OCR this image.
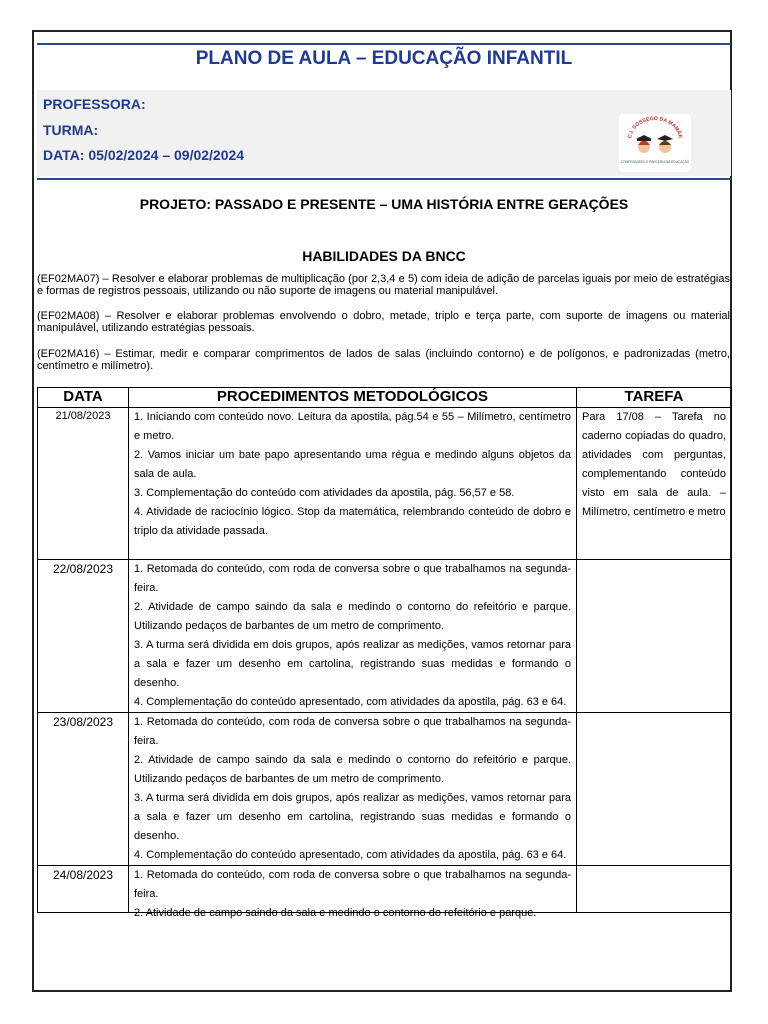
PLANO DE AULA – EDUCAÇÃO INFANTIL
PROFESSORA:
TURMA:
DATA: 05/02/2024 – 09/02/2024
C.I. SOSSEGO DA MAMÃE
COMPROMISSO E PARCERIA NA EDUCAÇÃO
PROJETO: PASSADO E PRESENTE – UMA HISTÓRIA ENTRE GERAÇÕES
HABILIDADES DA BNCC
(EF02MA07) – Resolver e elaborar problemas de multiplicação (por 2,3,4 e 5) com ideia de adição de parcelas iguais por meio de estratégias e formas de registros pessoais, utilizando ou não suporte de imagens ou material manipulável.
(EF02MA08) – Resolver e elaborar problemas envolvendo o dobro, metade, triplo e terça parte, com suporte de imagens ou material manipulável, utilizando estratégias pessoais.
(EF02MA16) – Estimar, medir e comparar comprimentos de lados de salas (incluindo contorno) e de polígonos, e padronizadas (metro, centímetro e milímetro).
DATA	PROCEDIMENTOS METODOLÓGICOS	TAREFA
21/08/2023	1. Iniciando com conteúdo novo. Leitura da apostila, pág.54 e 55 – Milímetro, centímetro e metro.

2. Vamos iniciar um bate papo apresentando uma régua e medindo alguns objetos da sala de aula.

3. Complementação do conteúdo com atividades da apostila, pág. 56,57 e 58.

4. Atividade de raciocínio lógico. Stop da matemática, relembrando conteúdo de dobro e triplo da atividade passada.	Para 17/08 – Tarefa no caderno copiadas do quadro, atividades com perguntas, complementando conteúdo visto em sala de aula. – Milímetro, centímetro e metro
22/08/2023	1. Retomada do conteúdo, com roda de conversa sobre o que trabalhamos na segunda-feira.

2. Atividade de campo saindo da sala e medindo o contorno do refeitório e parque. Utilizando pedaços de barbantes de um metro de comprimento.

3. A turma será dividida em dois grupos, após realizar as medições, vamos retornar para a sala e fazer um desenho em cartolina, registrando suas medidas e formando o desenho.

4. Complementação do conteúdo apresentado, com atividades da apostila, pág. 63 e 64.	

23/08/2023	1. Retomada do conteúdo, com roda de conversa sobre o que trabalhamos na segunda-feira.

2. Atividade de campo saindo da sala e medindo o contorno do refeitório e parque. Utilizando pedaços de barbantes de um metro de comprimento.

3. A turma será dividida em dois grupos, após realizar as medições, vamos retornar para a sala e fazer um desenho em cartolina, registrando suas medidas e formando o desenho.

4. Complementação do conteúdo apresentado, com atividades da apostila, pág. 63 e 64.	

24/08/2023	1. Retomada do conteúdo, com roda de conversa sobre o que trabalhamos na segunda-feira.

2. Atividade de campo saindo da sala e medindo o contorno do refeitório e parque.	
